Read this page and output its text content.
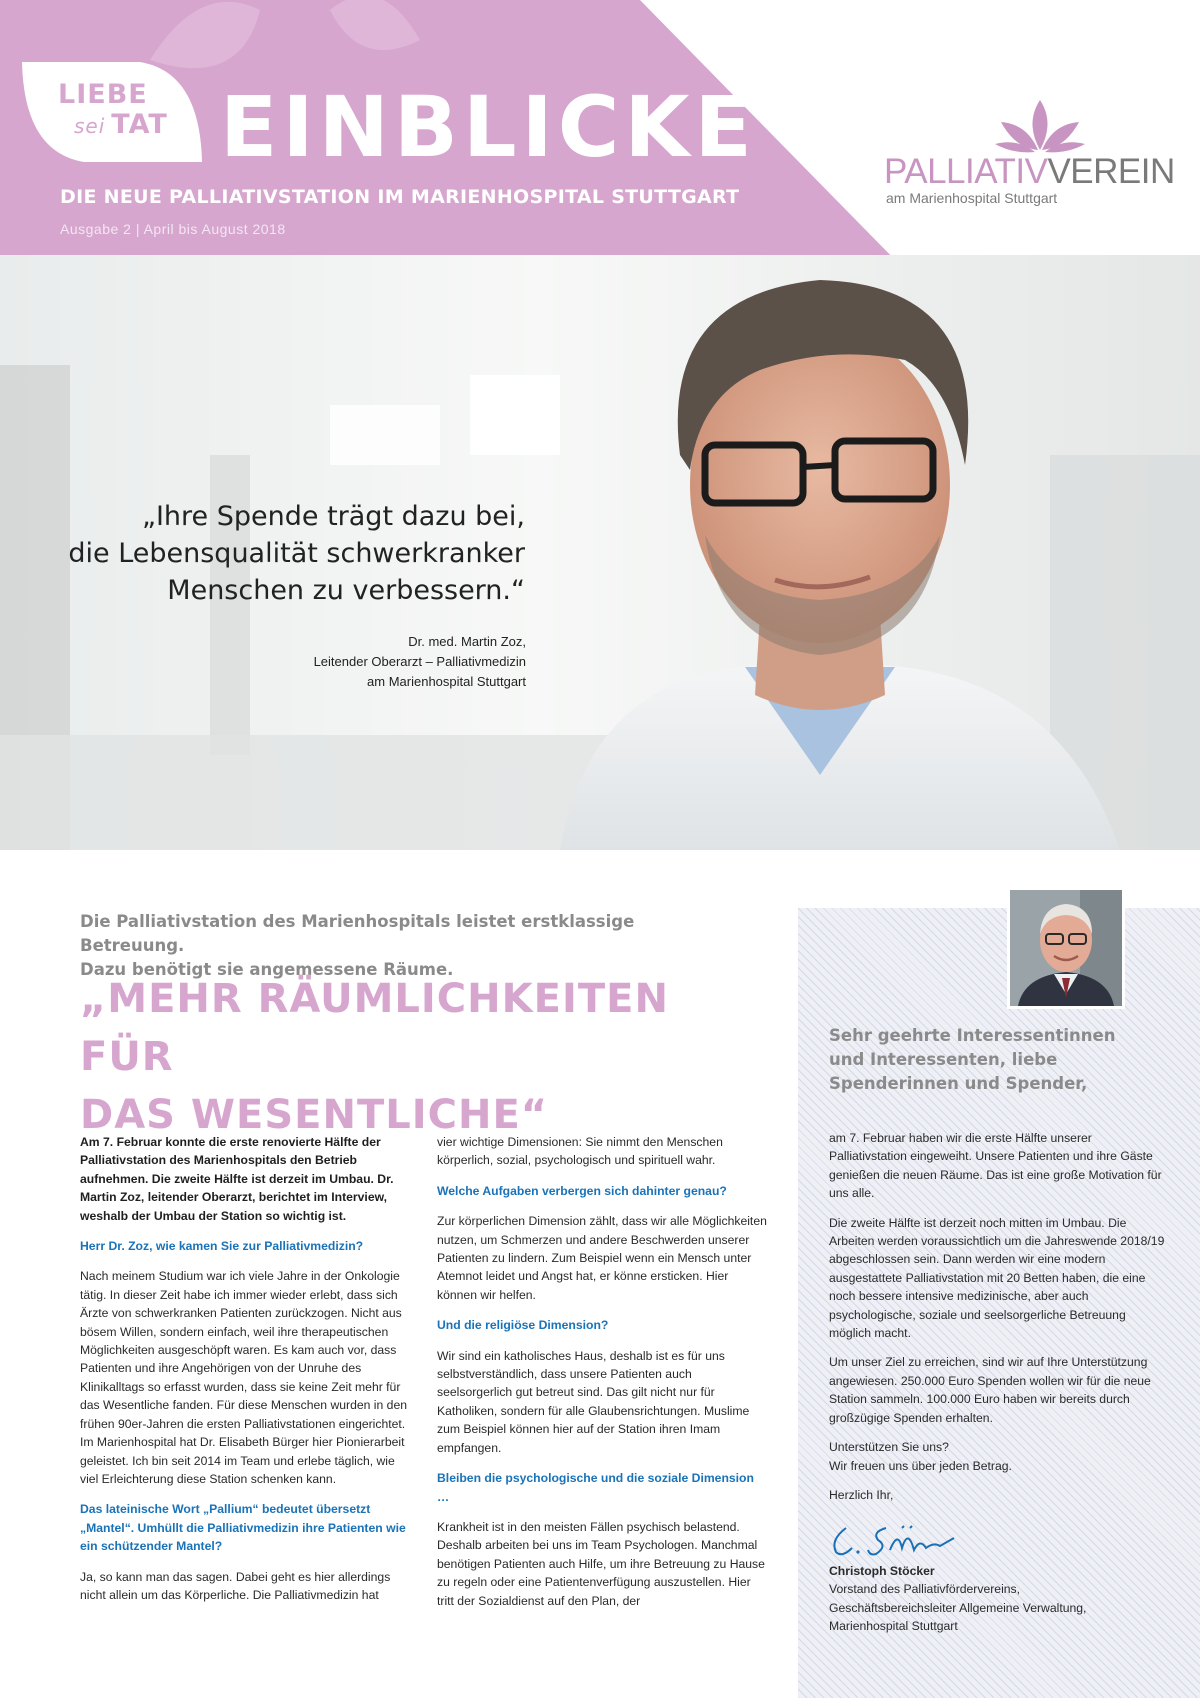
LIEBE
sei TAT EINBLICKE
DIE NEUE PALLIATIVSTATION IM MARIENHOSPITAL STUTTGART
Ausgabe 2 | April bis August 2018
PALLIATIVVEREIN
am Marienhospital Stuttgart
„Ihre Spende trägt dazu bei,
die Lebensqualität schwerkranker
Menschen zu verbessern.“
Dr. med. Martin Zoz,
Leitender Oberarzt – Palliativmedizin
am Marienhospital Stuttgart
Die Palliativstation des Marienhospitals leistet erstklassige Betreuung.
Dazu benötigt sie angemessene Räume.
„MEHR RÄUMLICHKEITEN FÜR
DAS WESENTLICHE“

Am 7. Februar konnte die erste renovierte Hälfte der Palliativstation des Marienhospitals den Betrieb aufnehmen. Die zweite Hälfte ist derzeit im Umbau. Dr. Martin Zoz, leitender Oberarzt, berichtet im Interview, weshalb der Umbau der Station so wichtig ist.

Herr Dr. Zoz, wie kamen Sie zur Palliativmedizin?

Nach meinem Studium war ich viele Jahre in der Onkologie tätig. In dieser Zeit habe ich immer wieder erlebt, dass sich Ärzte von schwerkranken Patienten zurückzogen. Nicht aus bösem Willen, sondern einfach, weil ihre therapeutischen Möglichkeiten ausgeschöpft waren. Es kam auch vor, dass Patienten und ihre Angehörigen von der Unruhe des Klinikalltags so erfasst wurden, dass sie keine Zeit mehr für das Wesentliche fanden. Für diese Menschen wurden in den frühen 90er-Jahren die ersten Palliativstationen eingerichtet. Im Marienhospital hat Dr. Elisabeth Bürger hier Pionierarbeit geleistet. Ich bin seit 2014 im Team und erlebe täglich, wie viel Erleichterung diese Station schenken kann.

Das lateinische Wort „Pallium“ bedeutet übersetzt „Mantel“. Umhüllt die Palliativmedizin ihre Patienten wie ein schützender Mantel?

Ja, so kann man das sagen. Dabei geht es hier allerdings nicht allein um das Körperliche. Die Palliativmedizin hat

vier wichtige Dimensionen: Sie nimmt den Menschen körperlich, sozial, psychologisch und spirituell wahr.

Welche Aufgaben verbergen sich dahinter genau?

Zur körperlichen Dimension zählt, dass wir alle Möglichkeiten nutzen, um Schmerzen und andere Beschwerden unserer Patienten zu lindern. Zum Beispiel wenn ein Mensch unter Atemnot leidet und Angst hat, er könne ersticken. Hier können wir helfen.

Und die religiöse Dimension?

Wir sind ein katholisches Haus, deshalb ist es für uns selbstverständlich, dass unsere Patienten auch seelsorgerlich gut betreut sind. Das gilt nicht nur für Katholiken, sondern für alle Glaubensrichtungen. Muslime zum Beispiel können hier auf der Station ihren Imam empfangen.

Bleiben die psychologische und die soziale Dimension …

Krankheit ist in den meisten Fällen psychisch belastend. Deshalb arbeiten bei uns im Team Psychologen. Manchmal benötigen Patienten auch Hilfe, um ihre Betreuung zu Hause zu regeln oder eine Patientenverfügung auszustellen. Hier tritt der Sozialdienst auf den Plan, der

Sehr geehrte Interessentinnen
und Interessenten, liebe
Spenderinnen und Spender,

am 7. Februar haben wir die erste Hälfte unserer Palliativstation eingeweiht. Unsere Patienten und ihre Gäste genießen die neuen Räume. Das ist eine große Motivation für uns alle.

Die zweite Hälfte ist derzeit noch mitten im Umbau. Die Arbeiten werden voraussichtlich um die Jahreswende 2018/19 abgeschlossen sein. Dann werden wir eine modern ausgestattete Palliativstation mit 20 Betten haben, die eine noch bessere intensive medizinische, aber auch psychologische, soziale und seelsorgerliche Betreuung möglich macht.

Um unser Ziel zu erreichen, sind wir auf Ihre Unterstützung angewiesen. 250.000 Euro Spenden wollen wir für die neue Station sammeln. 100.000 Euro haben wir bereits durch großzügige Spenden erhalten.

Unterstützen Sie uns?
Wir freuen uns über jeden Betrag.

Herzlich Ihr,

Christoph Stöcker
Vorstand des Palliativfördervereins,
Geschäftsbereichsleiter Allgemeine Verwaltung,
Marienhospital Stuttgart
